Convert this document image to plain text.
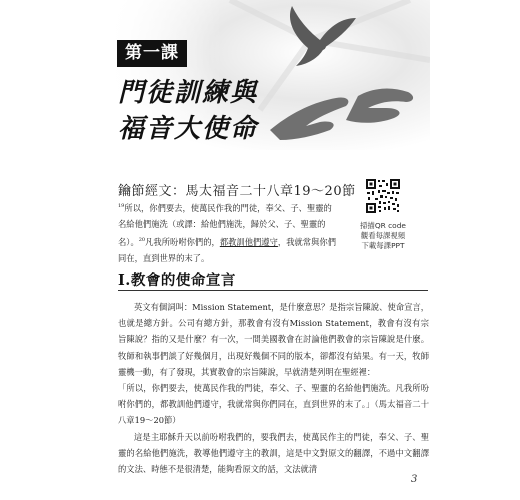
第一課
門徒訓練與
福音大使命
鑰節經文：馬太福音二十八章19～20節

$^{19}$所以，你們要去，使萬民作我的門徒，奉父、子、聖靈的名給他們施洗（或譯：給他們施洗，歸於父、子、聖靈的名）。$^{20}$凡我所吩咐你們的，都教訓他們遵守，我就常與你們同在，直到世界的末了。

掃描QR code
觀看每課視頻
下載每課PPT
I.教會的使命宣言

英文有個詞叫：Mission Statement，是什麼意思？是指宗旨陳說、使命宣言，也就是總方針。公司有總方針，那教會有沒有Mission Statement，教會有沒有宗旨陳說？指的又是什麼？有一次，一間美國教會在討論他們教會的宗旨陳說是什麼。牧師和執事們談了好幾個月，出現好幾個不同的版本，卻都沒有結果。有一天，牧師靈機一動，有了發現，其實教會的宗旨陳說，早就清楚列明在聖經裡：

「所以，你們要去，使萬民作我的門徒，奉父、子、聖靈的名給他們施洗。凡我所吩咐你們的，都教訓他們遵守，我就常與你們同在，直到世界的末了。」（馬太福音二十八章19～20節）

這是主耶穌升天以前吩咐我們的，要我們去，使萬民作主的門徒，奉父、子、聖靈的名給他們施洗，教導他們遵守主的教訓，這是中文對原文的翻譯，不過中文翻譯的文法、時態不是很清楚，能夠看原文的話，文法就清

3
